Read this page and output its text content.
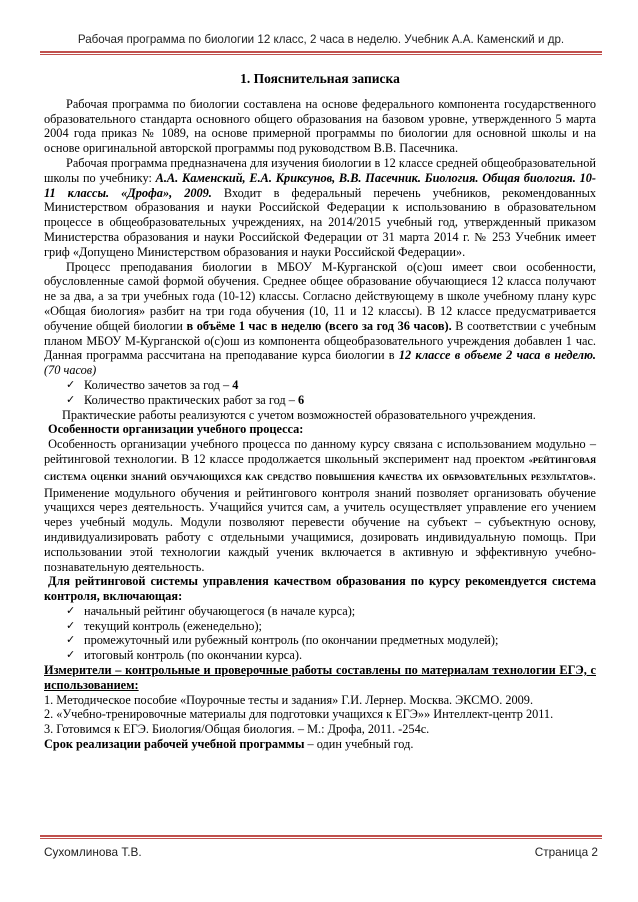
Рабочая программа по биологии 12 класс, 2 часа в неделю. Учебник А.А. Каменский и др.
1. Пояснительная записка

Рабочая программа по биологии составлена на основе федерального компонента государственного образовательного стандарта основного общего образования на базовом уровне, утвержденного 5 марта 2004 года приказ № 1089, на основе примерной программы по биологии для основной школы и на основе оригинальной авторской программы под руководством В.В. Пасечника.

Рабочая программа предназначена для изучения биологии в 12 классе средней общеобразовательной школы по учебнику: А.А. Каменский, Е.А. Криксунов, В.В. Пасечник. Биология. Общая биология. 10-11 классы. «Дрофа», 2009. Входит в федеральный перечень учебников, рекомендованных Министерством образования и науки Российской Федерации к использованию в образовательном процессе в общеобразовательных учреждениях, на 2014/2015 учебный год, утвержденный приказом Министерства образования и науки Российской Федерации от 31 марта 2014 г. № 253 Учебник имеет гриф «Допущено Министерством образования и науки Российской Федерации».

Процесс преподавания биологии в МБОУ М-Курганской о(с)ош имеет свои особенности, обусловленные самой формой обучения. Среднее общее образование обучающиеся 12 класса получают не за два, а за три учебных года (10-12) классы. Согласно действующему в школе учебному плану курс «Общая биология» разбит на три года обучения (10, 11 и 12 классы). В 12 классе предусматривается обучение общей биологии в объёме 1 час в неделю (всего за год 36 часов). В соответствии с учебным планом МБОУ М-Курганской о(с)ош из компонента общеобразовательного учреждения добавлен 1 час. Данная программа рассчитана на преподавание курса биологии в 12 классе в объеме 2 часа в неделю. (70 часов)

✓ Количество зачетов за год – 4
✓ Количество практических работ за год – 6

Практические работы реализуются с учетом возможностей образовательного учреждения.

Особенности организации учебного процесса:

Особенность организации учебного процесса по данному курсу связана с использованием модульно – рейтинговой технологии. В 12 классе продолжается школьный эксперимент над проектом «РЕЙТИНГОВАЯ СИСТЕМА ОЦЕНКИ ЗНАНИЙ ОБУЧАЮЩИХСЯ КАК СРЕДСТВО ПОВЫШЕНИЯ КАЧЕСТВА ИХ ОБРАЗОВАТЕЛЬНЫХ РЕЗУЛЬТАТОВ». Применение модульного обучения и рейтингового контроля знаний позволяет организовать обучение учащихся через деятельность. Учащийся учится сам, а учитель осуществляет управление его учением через учебный модуль. Модули позволяют перевести обучение на субъект – субъектную основу, индивидуализировать работу с отдельными учащимися, дозировать индивидуальную помощь. При использовании этой технологии каждый ученик включается в активную и эффективную учебно-познавательную деятельность.

Для рейтинговой системы управления качеством образования по курсу рекомендуется система контроля, включающая:

✓ начальный рейтинг обучающегося (в начале курса);
✓ текущий контроль (еженедельно);
✓ промежуточный или рубежный контроль (по окончании предметных модулей);
✓ итоговый контроль (по окончании курса).

Измерители – контрольные и проверочные работы составлены по материалам технологии ЕГЭ, с использованием:

1. Методическое пособие «Поурочные тесты и задания» Г.И. Лернер. Москва. ЭКСМО. 2009.

2. «Учебно-тренировочные материалы для подготовки учащихся к ЕГЭ»» Интеллект-центр 2011.

3. Готовимся к ЕГЭ. Биология/Общая биология. – М.: Дрофа, 2011. -254с.

Срок реализации рабочей учебной программы – один учебный год.

Сухомлинова Т.В.	Страница 2
